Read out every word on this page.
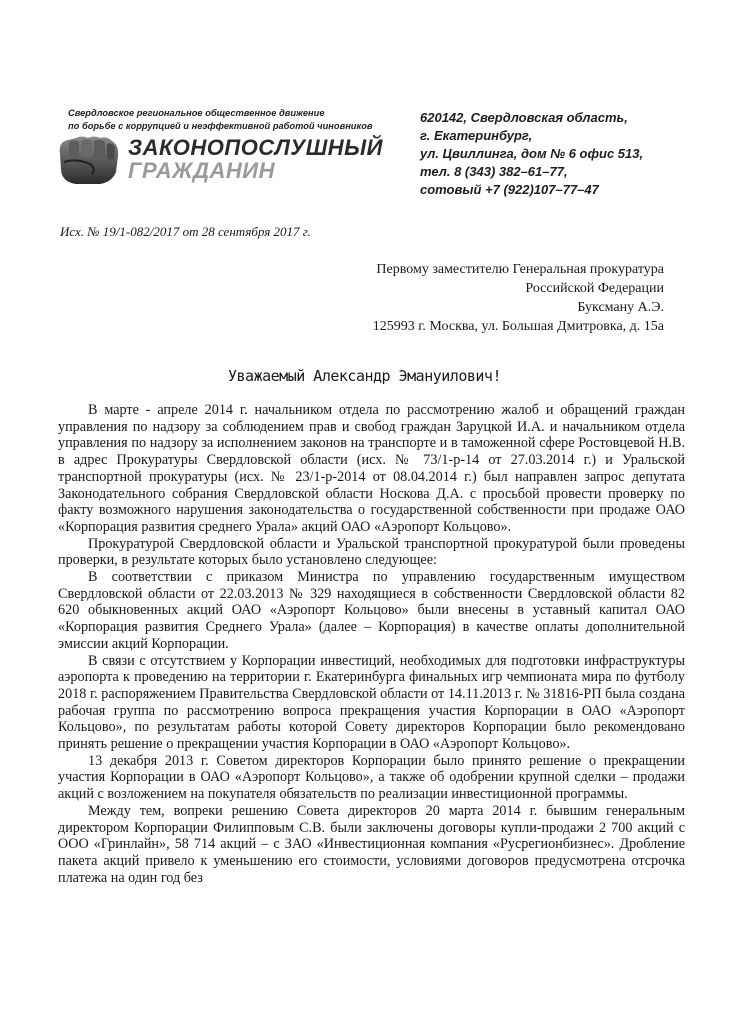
Свердловское региональное общественное движение
по борьбе с коррупцией и неэффективной работой чиновников
ЗАКОНОПОСЛУШНЫЙ
ГРАЖДАНИН
620142, Свердловская область,
г. Екатеринбург,
ул. Цвиллинга, дом № 6 офис 513,
тел. 8 (343) 382–61–77,
сотовый +7 (922)107–77–47
Исх. № 19/1-082/2017 от 28 сентября 2017 г.
Первому заместителю Генеральная прокуратура
Российской Федерации
Буксману А.Э.
125993 г. Москва, ул. Большая Дмитровка, д. 15а
Уважаемый Александр Эмануилович!

В марте - апреле 2014 г. начальником отдела по рассмотрению жалоб и обращений граждан управления по надзору за соблюдением прав и свобод граждан Заруцкой И.А. и начальником отдела управления по надзору за исполнением законов на транспорте и в таможенной сфере Ростовцевой Н.В. в адрес Прокуратуры Свердловской области (исх. № 73/1-р-14 от 27.03.2014 г.) и Уральской транспортной прокуратуры (исх. № 23/1-р-2014 от 08.04.2014 г.) был направлен запрос депутата Законодательного собрания Свердловской области Носкова Д.А. с просьбой провести проверку по факту возможного нарушения законодательства о государственной собственности при продаже ОАО «Корпорация развития среднего Урала» акций ОАО «Аэропорт Кольцово».

Прокуратурой Свердловской области и Уральской транспортной прокуратурой были проведены проверки, в результате которых было установлено следующее:

В соответствии с приказом Министра по управлению государственным имуществом Свердловской области от 22.03.2013 № 329 находящиеся в собственности Свердловской области 82 620 обыкновенных акций ОАО «Аэропорт Кольцово» были внесены в уставный капитал ОАО «Корпорация развития Среднего Урала» (далее – Корпорация) в качестве оплаты дополнительной эмиссии акций Корпорации.

В связи с отсутствием у Корпорации инвестиций, необходимых для подготовки инфраструктуры аэропорта к проведению на территории г. Екатеринбурга финальных игр чемпионата мира по футболу 2018 г. распоряжением Правительства Свердловской области от 14.11.2013 г. № 31816-РП была создана рабочая группа по рассмотрению вопроса прекращения участия Корпорации в ОАО «Аэропорт Кольцово», по результатам работы которой Совету директоров Корпорации было рекомендовано принять решение о прекращении участия Корпорации в ОАО «Аэропорт Кольцово».

13 декабря 2013 г. Советом директоров Корпорации было принято решение о прекращении участия Корпорации в ОАО «Аэропорт Кольцово», а также об одобрении крупной сделки – продажи акций с возложением на покупателя обязательств по реализации инвестиционной программы.

Между тем, вопреки решению Совета директоров 20 марта 2014 г. бывшим генеральным директором Корпорации Филипповым С.В. были заключены договоры купли-продажи 2 700 акций с ООО «Гринлайн», 58 714 акций – с ЗАО «Инвестиционная компания «Русрегионбизнес». Дробление пакета акций привело к уменьшению его стоимости, условиями договоров предусмотрена отсрочка платежа на один год без
